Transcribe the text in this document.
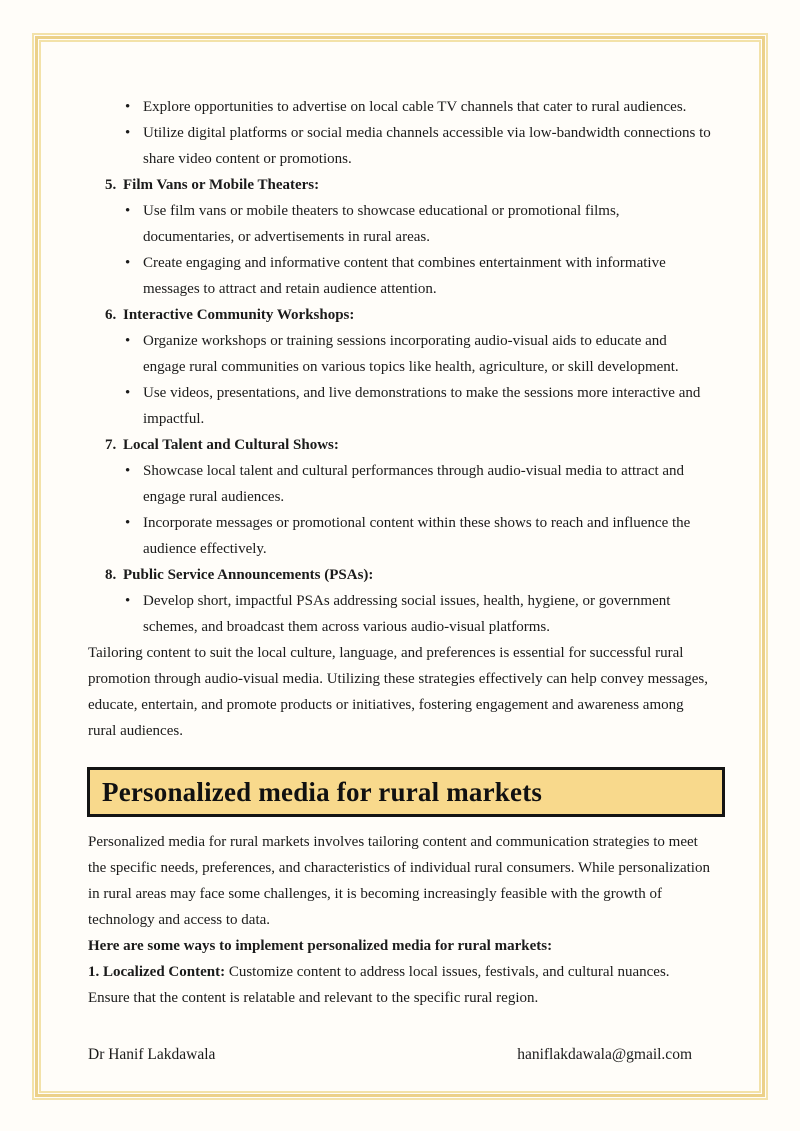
•
Explore opportunities to advertise on local cable TV channels that cater to rural audiences.

•
Utilize digital platforms or social media channels accessible via low-bandwidth connections to share video content or promotions.

5. Film Vans or Mobile Theaters:

•
Use film vans or mobile theaters to showcase educational or promotional films, documentaries, or advertisements in rural areas.

•
Create engaging and informative content that combines entertainment with informative messages to attract and retain audience attention.

6. Interactive Community Workshops:

•
Organize workshops or training sessions incorporating audio-visual aids to educate and engage rural communities on various topics like health, agriculture, or skill development.

•
Use videos, presentations, and live demonstrations to make the sessions more interactive and impactful.

7. Local Talent and Cultural Shows:

•
Showcase local talent and cultural performances through audio-visual media to attract and engage rural audiences.

•
Incorporate messages or promotional content within these shows to reach and influence the audience effectively.

8. Public Service Announcements (PSAs):

•
Develop short, impactful PSAs addressing social issues, health, hygiene, or government schemes, and broadcast them across various audio-visual platforms.

Tailoring content to suit the local culture, language, and preferences is essential for successful rural promotion through audio-visual media. Utilizing these strategies effectively can help convey messages, educate, entertain, and promote products or initiatives, fostering engagement and awareness among rural audiences.

Personalized media for rural markets

Personalized media for rural markets involves tailoring content and communication strategies to meet the specific needs, preferences, and characteristics of individual rural consumers. While personalization in rural areas may face some challenges, it is becoming increasingly feasible with the growth of technology and access to data.

Here are some ways to implement personalized media for rural markets:

1. Localized Content: Customize content to address local issues, festivals, and cultural nuances. Ensure that the content is relatable and relevant to the specific rural region.

Dr Hanif Lakdawala	haniflakdawala@gmail.com
